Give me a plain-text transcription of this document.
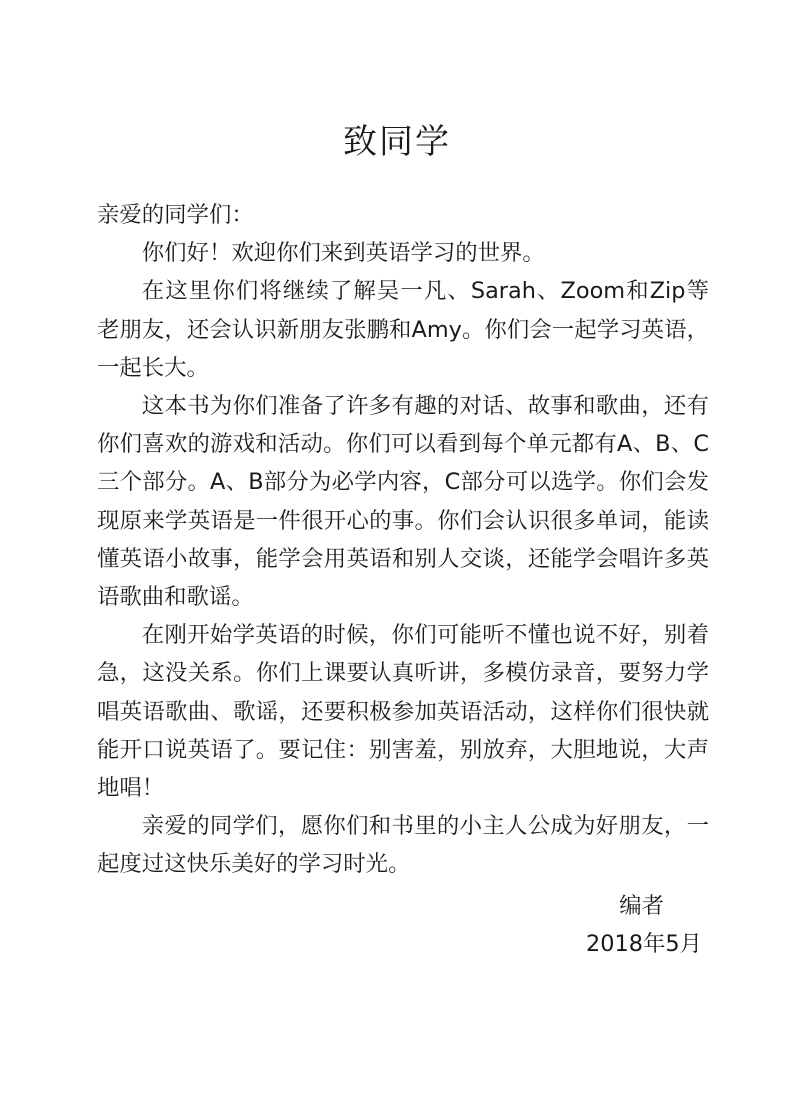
致同学

亲爱的同学们：

你们好！欢迎你们来到英语学习的世界。

在这里你们将继续了解吴一凡、Sarah、Zoom和Zip等老朋友，还会认识新朋友张鹏和Amy。你们会一起学习英语，一起长大。

这本书为你们准备了许多有趣的对话、故事和歌曲，还有你们喜欢的游戏和活动。你们可以看到每个单元都有A、B、C三个部分。A、B部分为必学内容，C部分可以选学。你们会发现原来学英语是一件很开心的事。你们会认识很多单词，能读懂英语小故事，能学会用英语和别人交谈，还能学会唱许多英语歌曲和歌谣。

在刚开始学英语的时候，你们可能听不懂也说不好，别着急，这没关系。你们上课要认真听讲，多模仿录音，要努力学唱英语歌曲、歌谣，还要积极参加英语活动，这样你们很快就能开口说英语了。要记住：别害羞，别放弃，大胆地说，大声地唱！

亲爱的同学们，愿你们和书里的小主人公成为好朋友，一起度过这快乐美好的学习时光。

编者
2018年5月
